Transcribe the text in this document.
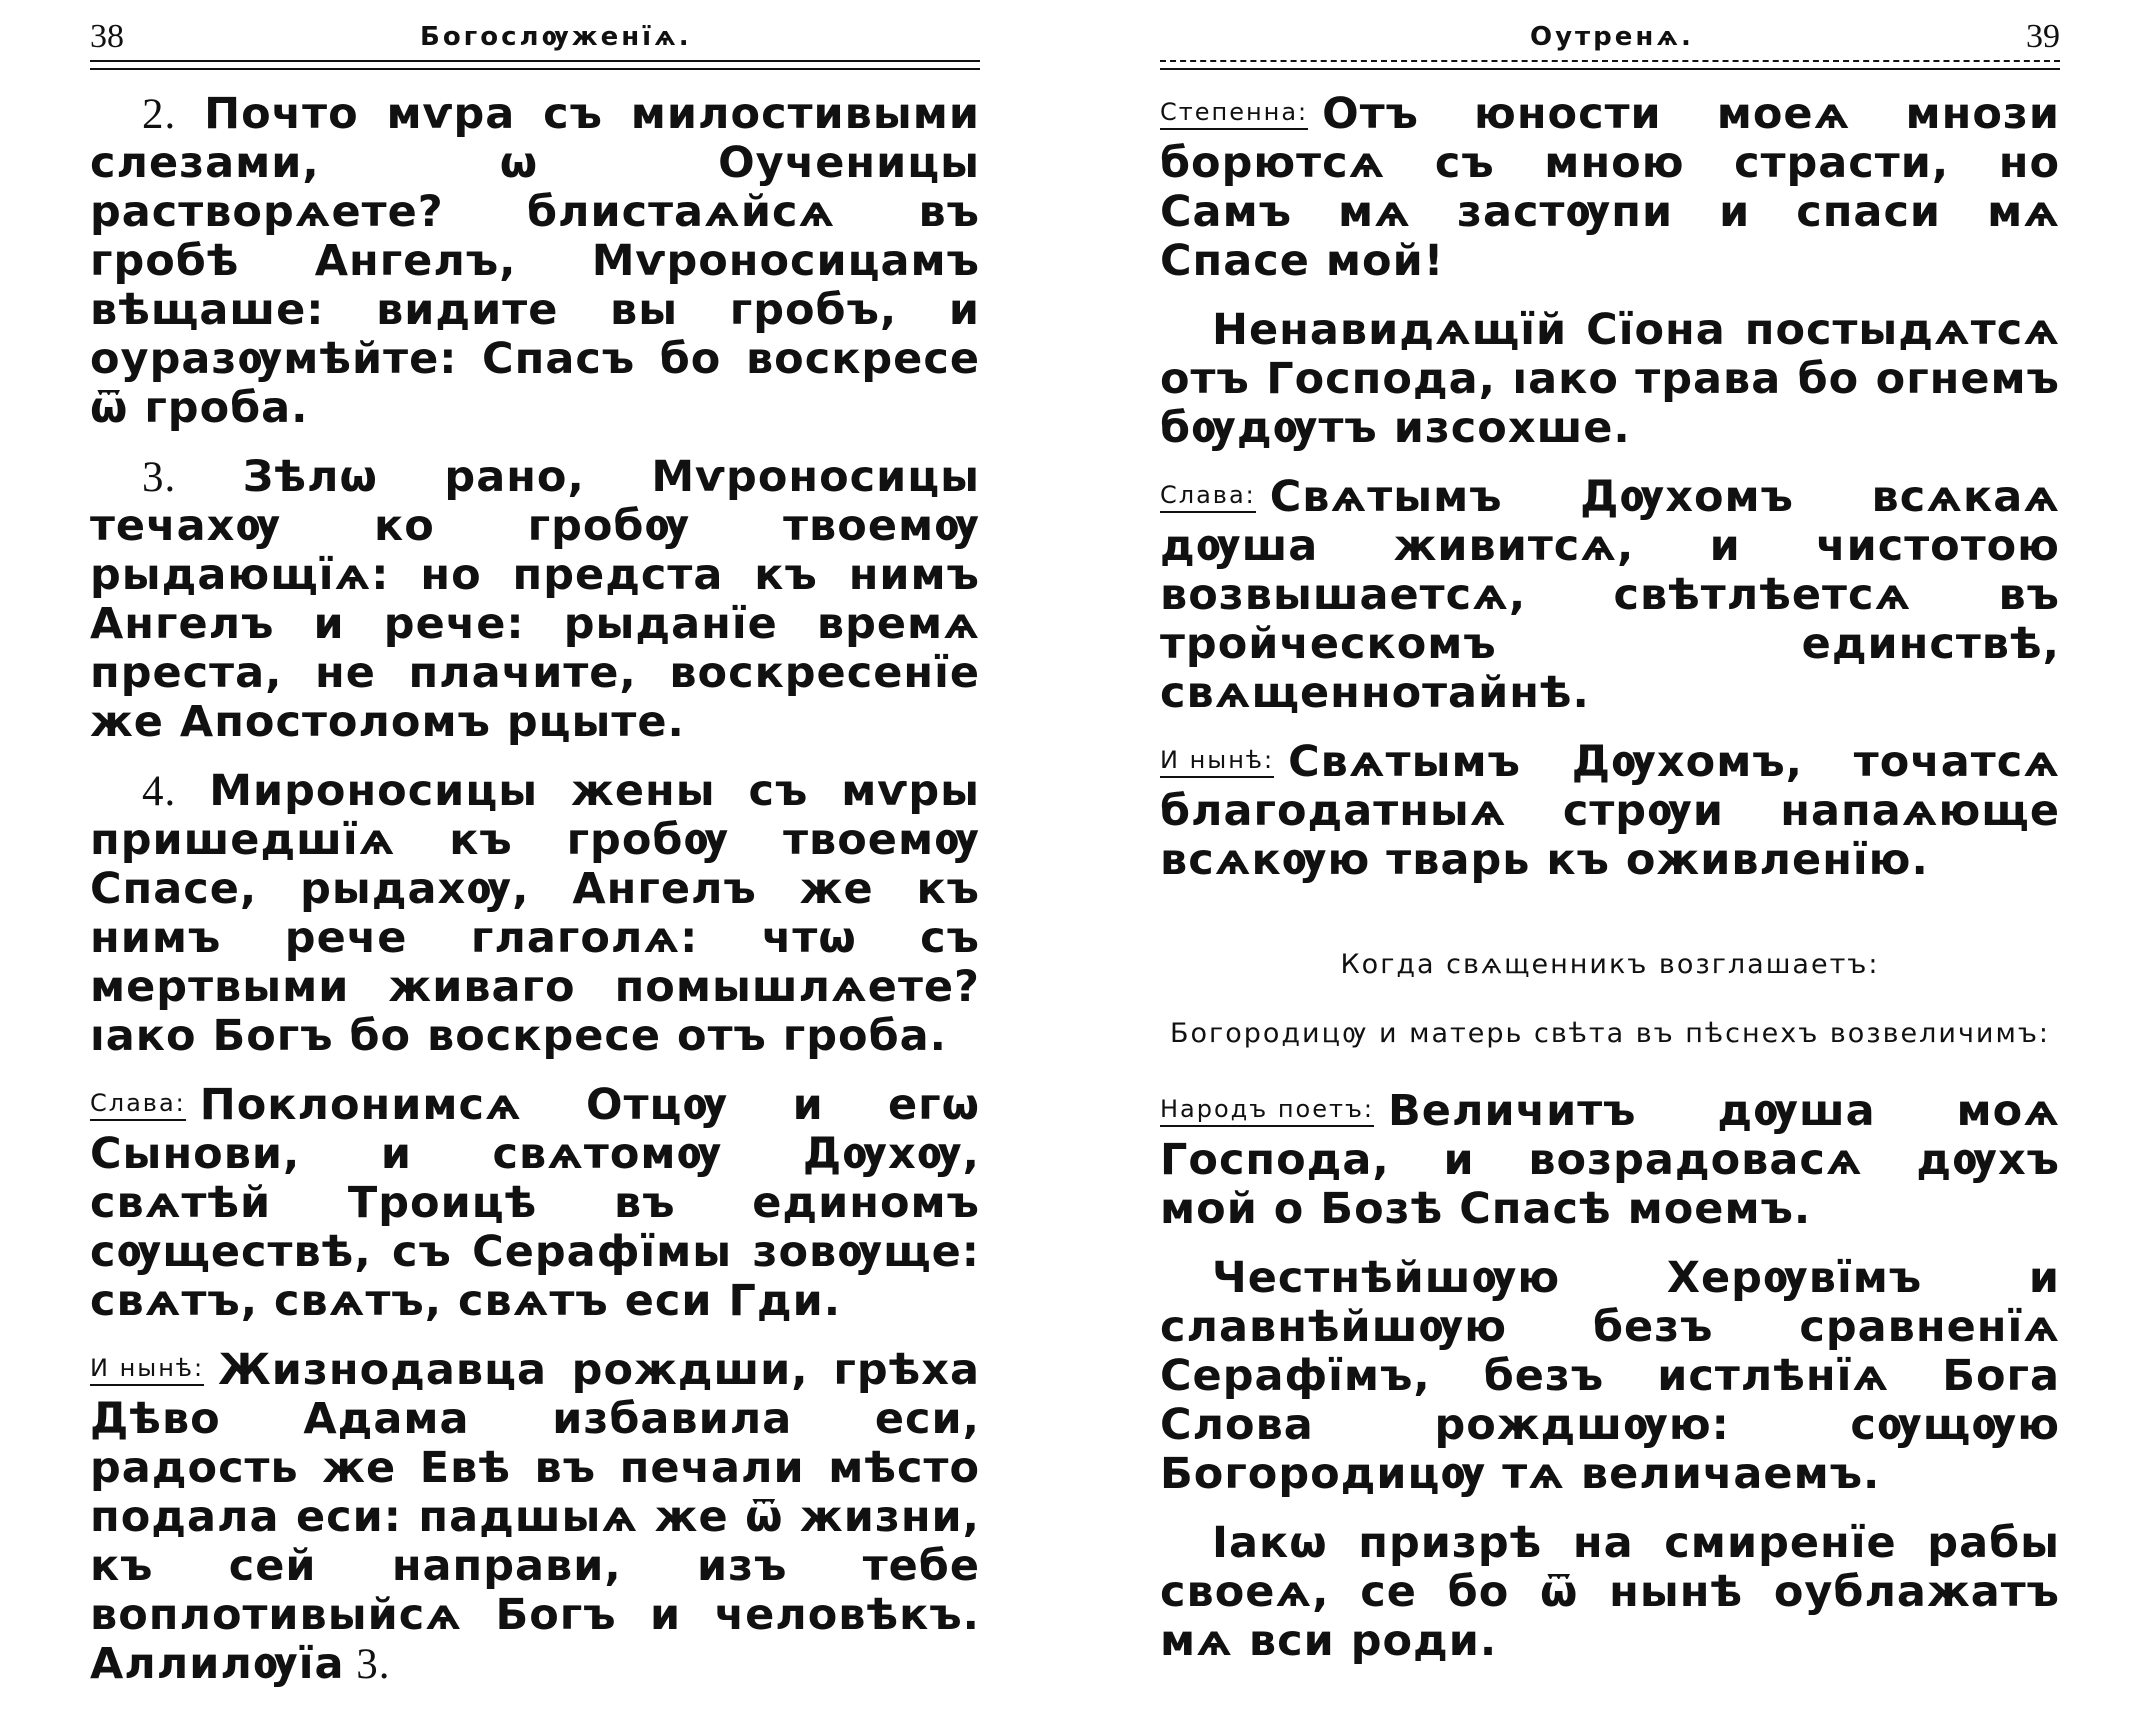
38	Богослѹженїѧ.

2. Почто мѵра съ милостивыми слезами, ѡ Оученицы растворѧете? блистаѧйсѧ въ гробѣ Ангелъ, Мѵроносицамъ вѣщаше: видите вы гробъ, и оуразѹмѣйте: Спасъ бо воскресе ѿ гроба.

3. Зѣлѡ рано, Мѵроносицы течахѹ ко гробѹ твоемѹ рыдающїѧ: но предста къ нимъ Ангелъ и рече: рыданїе времѧ преста, не плачите, воскресенїе же Апостоломъ рцыте.

4. Мироносицы жены съ мѵры пришедшїѧ къ гробѹ твоемѹ Спасе, рыдахѹ, Ангелъ же къ нимъ рече глаголѧ: чтѡ съ мертвыми живаго помышлѧете? ıако Богъ бо воскресе отъ гроба.

Слава: Поклонимсѧ Отцѹ и егѡ Сынови, и свѧтомѹ Дѹхѹ, свѧтѣй Троицѣ въ единомъ сѹществѣ, съ Серафїмы зовѹще: свѧтъ, свѧтъ, свѧтъ еси Гди.

И нынѣ: Жизнодавца рождши, грѣха Дѣво Адама избавила еси, радость же Евѣ въ печали мѣсто подала еси: падшыѧ же ѿ жизни, къ сей направи, изъ тебе воплотивыйсѧ Богъ и человѣкъ. Аллилѹїа 3.

Оутренѧ.	39

Степенна: Отъ юности моеѧ мнози борютсѧ съ мною страсти, но Самъ мѧ застѹпи и спаси мѧ Спасе мой!

Ненавидѧщїй Сїона постыдѧтсѧ отъ Господа, ıако трава бо огнемъ бѹдѹтъ изсохше.

Слава: Свѧтымъ Дѹхомъ всѧкаѧ дѹша живитсѧ, и чистотою возвышаетсѧ, свѣтлѣетсѧ въ тройческомъ единствѣ, свѧщеннотайнѣ.

И нынѣ: Свѧтымъ Дѹхомъ, точатсѧ благодатныѧ стрѹи напаѧюще всѧкѹю тварь къ оживленїю.

Когда свѧщенникъ возглашаетъ:

Богородицѹ и матерь свѣта въ пѣснехъ возвеличимъ:

Народъ поетъ: Величитъ дѹша моѧ Господа, и возрадовасѧ дѹхъ мой о Бозѣ Спасѣ моемъ.

Честнѣйшѹю Херѹвїмъ и славнѣйшѹю безъ сравненїѧ Серафїмъ, безъ истлѣнїѧ Бога Слова рождшѹю: сѹщѹю Богородицѹ тѧ величаемъ.

Iакѡ призрѣ на смиренїе рабы своеѧ, се бо ѿ нынѣ оублажатъ мѧ вси роди.
